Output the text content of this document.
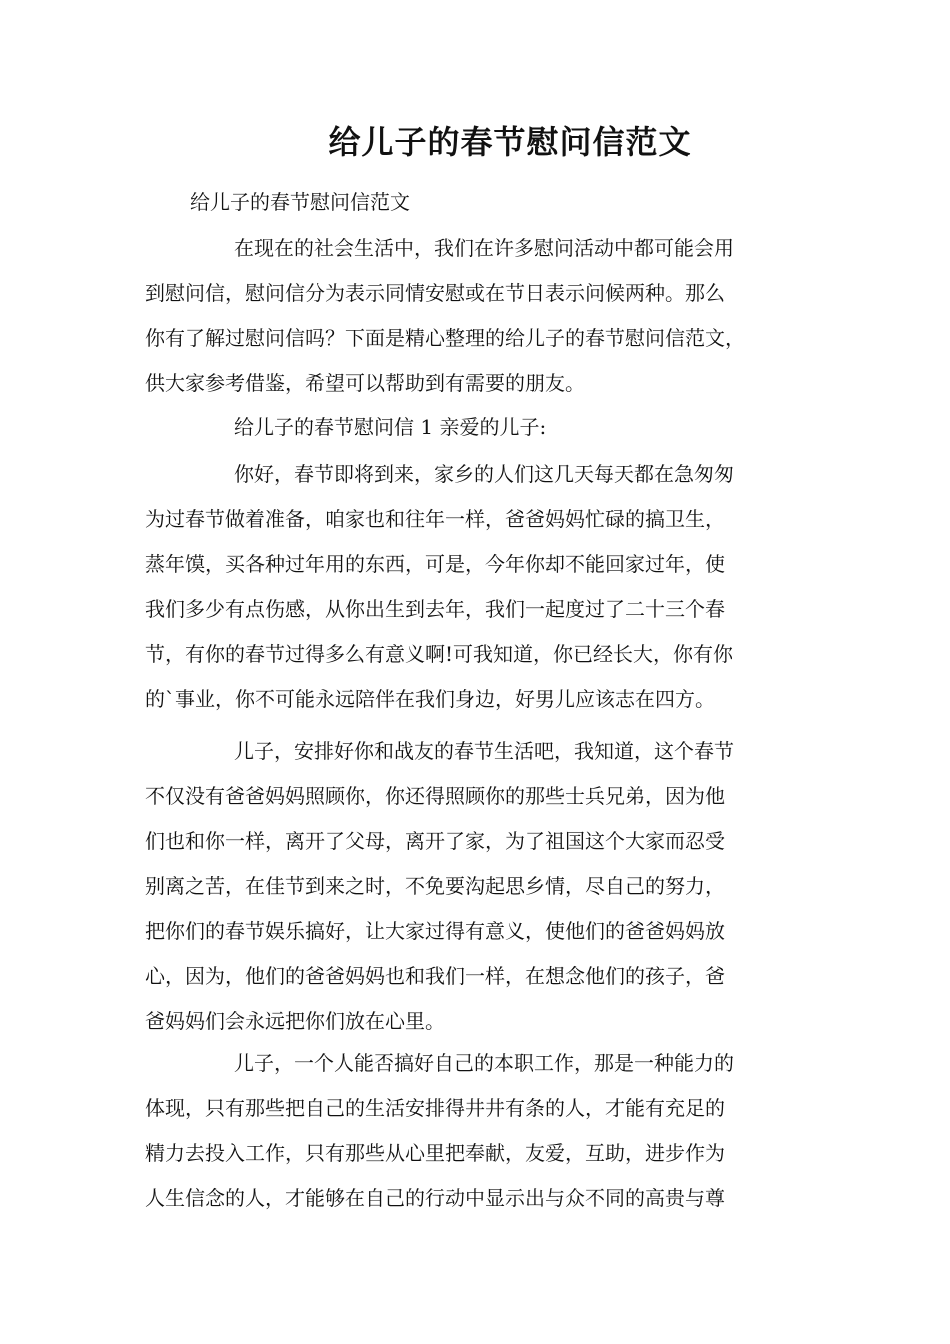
给儿子的春节慰问信范文
给儿子的春节慰问信范文
在现在的社会生活中，我们在许多慰问活动中都可能会用
到慰问信，慰问信分为表示同情安慰或在节日表示问候两种。那么
你有了解过慰问信吗？下面是精心整理的给儿子的春节慰问信范文，
供大家参考借鉴，希望可以帮助到有需要的朋友。
给儿子的春节慰问信 1 亲爱的儿子:
你好，春节即将到来，家乡的人们这几天每天都在急匆匆
为过春节做着准备，咱家也和往年一样，爸爸妈妈忙碌的搞卫生，
蒸年馍，买各种过年用的东西，可是，今年你却不能回家过年，使
我们多少有点伤感，从你出生到去年，我们一起度过了二十三个春
节，有你的春节过得多么有意义啊!可我知道，你已经长大，你有你
的`事业，你不可能永远陪伴在我们身边，好男儿应该志在四方。
儿子，安排好你和战友的春节生活吧，我知道，这个春节
不仅没有爸爸妈妈照顾你，你还得照顾你的那些士兵兄弟，因为他
们也和你一样，离开了父母，离开了家，为了祖国这个大家而忍受
别离之苦，在佳节到来之时，不免要沟起思乡情，尽自己的努力，
把你们的春节娱乐搞好，让大家过得有意义，使他们的爸爸妈妈放
心，因为，他们的爸爸妈妈也和我们一样，在想念他们的孩子，爸
爸妈妈们会永远把你们放在心里。
儿子，一个人能否搞好自己的本职工作，那是一种能力的
体现，只有那些把自己的生活安排得井井有条的人，才能有充足的
精力去投入工作，只有那些从心里把奉献，友爱，互助，进步作为
人生信念的人，才能够在自己的行动中显示出与众不同的高贵与尊
